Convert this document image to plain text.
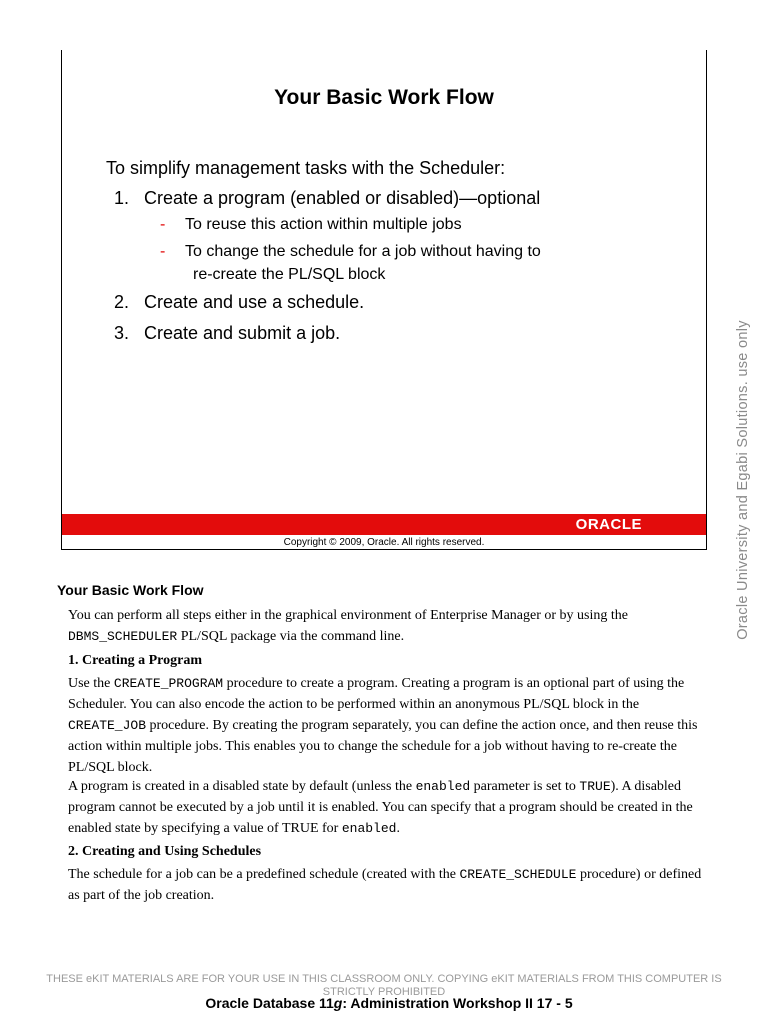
Your Basic Work Flow
To simplify management tasks with the Scheduler:
1. Create a program (enabled or disabled)—optional
- To reuse this action within multiple jobs
- To change the schedule for a job without having to
re-create the PL/SQL block
2. Create and use a schedule.
3. Create and submit a job.
ORACLE
Copyright © 2009, Oracle. All rights reserved.	Oracle University and Egabi Solutions. use only
Your Basic Work Flow

You can perform all steps either in the graphical environment of Enterprise Manager or by using the DBMS_SCHEDULER PL/SQL package via the command line.

1. Creating a Program

Use the CREATE_PROGRAM procedure to create a program. Creating a program is an optional part of using the Scheduler. You can also encode the action to be performed within an anonymous PL/SQL block in the CREATE_JOB procedure. By creating the program separately, you can define the action once, and then reuse this action within multiple jobs. This enables you to change the schedule for a job without having to re-create the PL/SQL block.

A program is created in a disabled state by default (unless the enabled parameter is set to TRUE). A disabled program cannot be executed by a job until it is enabled. You can specify that a program should be created in the enabled state by specifying a value of TRUE for enabled.

2. Creating and Using Schedules

The schedule for a job can be a predefined schedule (created with the CREATE_SCHEDULE procedure) or defined as part of the job creation.

THESE eKIT MATERIALS ARE FOR YOUR USE IN THIS CLASSROOM ONLY. COPYING eKIT MATERIALS FROM THIS COMPUTER IS STRICTLY PROHIBITED
Oracle Database 11g: Administration Workshop II 17 - 5
